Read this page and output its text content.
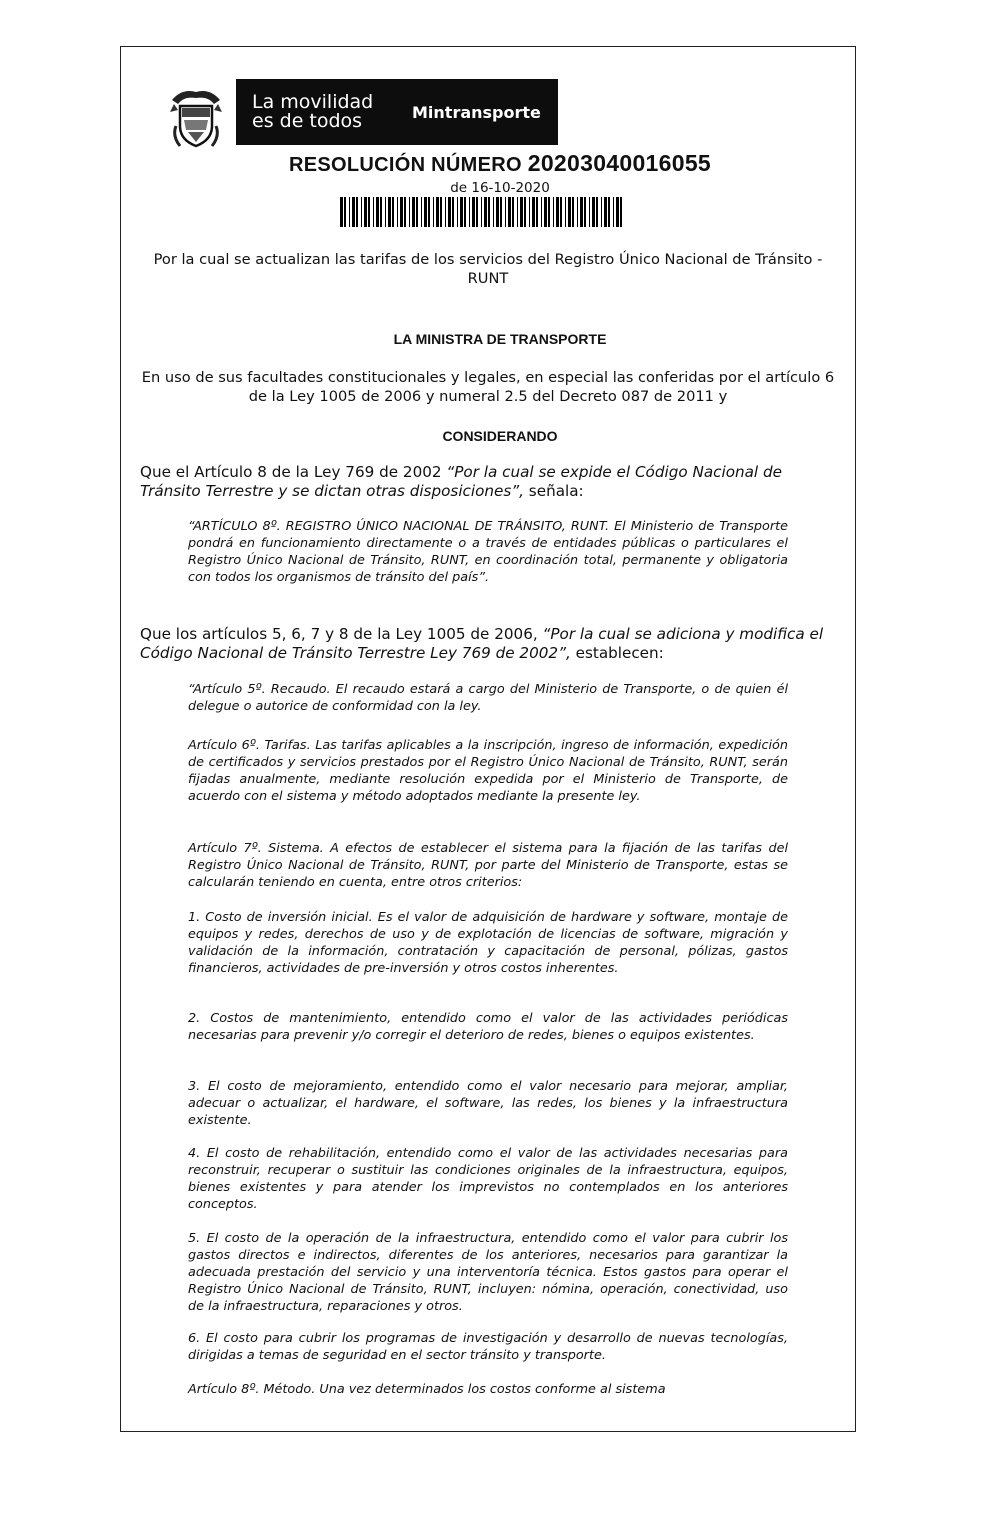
La movilidad
es de todos	Mintransporte
RESOLUCIÓN NÚMERO 20203040016055
de 16-10-2020
Por la cual se actualizan las tarifas de los servicios del Registro Único Nacional de Tránsito - RUNT
LA MINISTRA DE TRANSPORTE
En uso de sus facultades constitucionales y legales, en especial las conferidas por el artículo 6 de la Ley 1005 de 2006 y numeral 2.5 del Decreto 087 de 2011 y
CONSIDERANDO
Que el Artículo 8 de la Ley 769 de 2002 “Por la cual se expide el Código Nacional de Tránsito Terrestre y se dictan otras disposiciones”, señala:
“ARTÍCULO 8º. REGISTRO ÚNICO NACIONAL DE TRÁNSITO, RUNT. El Ministerio de Transporte pondrá en funcionamiento directamente o a través de entidades públicas o particulares el Registro Único Nacional de Tránsito, RUNT, en coordinación total, permanente y obligatoria con todos los organismos de tránsito del país”.
Que los artículos 5, 6, 7 y 8 de la Ley 1005 de 2006, “Por la cual se adiciona y modifica el Código Nacional de Tránsito Terrestre Ley 769 de 2002”, establecen:
“Artículo 5º. Recaudo. El recaudo estará a cargo del Ministerio de Transporte, o de quien él delegue o autorice de conformidad con la ley.
Artículo 6º. Tarifas. Las tarifas aplicables a la inscripción, ingreso de información, expedición de certificados y servicios prestados por el Registro Único Nacional de Tránsito, RUNT, serán fijadas anualmente, mediante resolución expedida por el Ministerio de Transporte, de acuerdo con el sistema y método adoptados mediante la presente ley.
Artículo 7º. Sistema. A efectos de establecer el sistema para la fijación de las tarifas del Registro Único Nacional de Tránsito, RUNT, por parte del Ministerio de Transporte, estas se calcularán teniendo en cuenta, entre otros criterios:
1. Costo de inversión inicial. Es el valor de adquisición de hardware y software, montaje de equipos y redes, derechos de uso y de explotación de licencias de software, migración y validación de la información, contratación y capacitación de personal, pólizas, gastos financieros, actividades de pre-inversión y otros costos inherentes.
2. Costos de mantenimiento, entendido como el valor de las actividades periódicas necesarias para prevenir y/o corregir el deterioro de redes, bienes o equipos existentes.
3. El costo de mejoramiento, entendido como el valor necesario para mejorar, ampliar, adecuar o actualizar, el hardware, el software, las redes, los bienes y la infraestructura existente.
4. El costo de rehabilitación, entendido como el valor de las actividades necesarias para reconstruir, recuperar o sustituir las condiciones originales de la infraestructura, equipos, bienes existentes y para atender los imprevistos no contemplados en los anteriores conceptos.
5. El costo de la operación de la infraestructura, entendido como el valor para cubrir los gastos directos e indirectos, diferentes de los anteriores, necesarios para garantizar la adecuada prestación del servicio y una interventoría técnica. Estos gastos para operar el Registro Único Nacional de Tránsito, RUNT, incluyen: nómina, operación, conectividad, uso de la infraestructura, reparaciones y otros.
6. El costo para cubrir los programas de investigación y desarrollo de nuevas tecnologías, dirigidas a temas de seguridad en el sector tránsito y transporte.
Artículo 8º. Método. Una vez determinados los costos conforme al sistema
